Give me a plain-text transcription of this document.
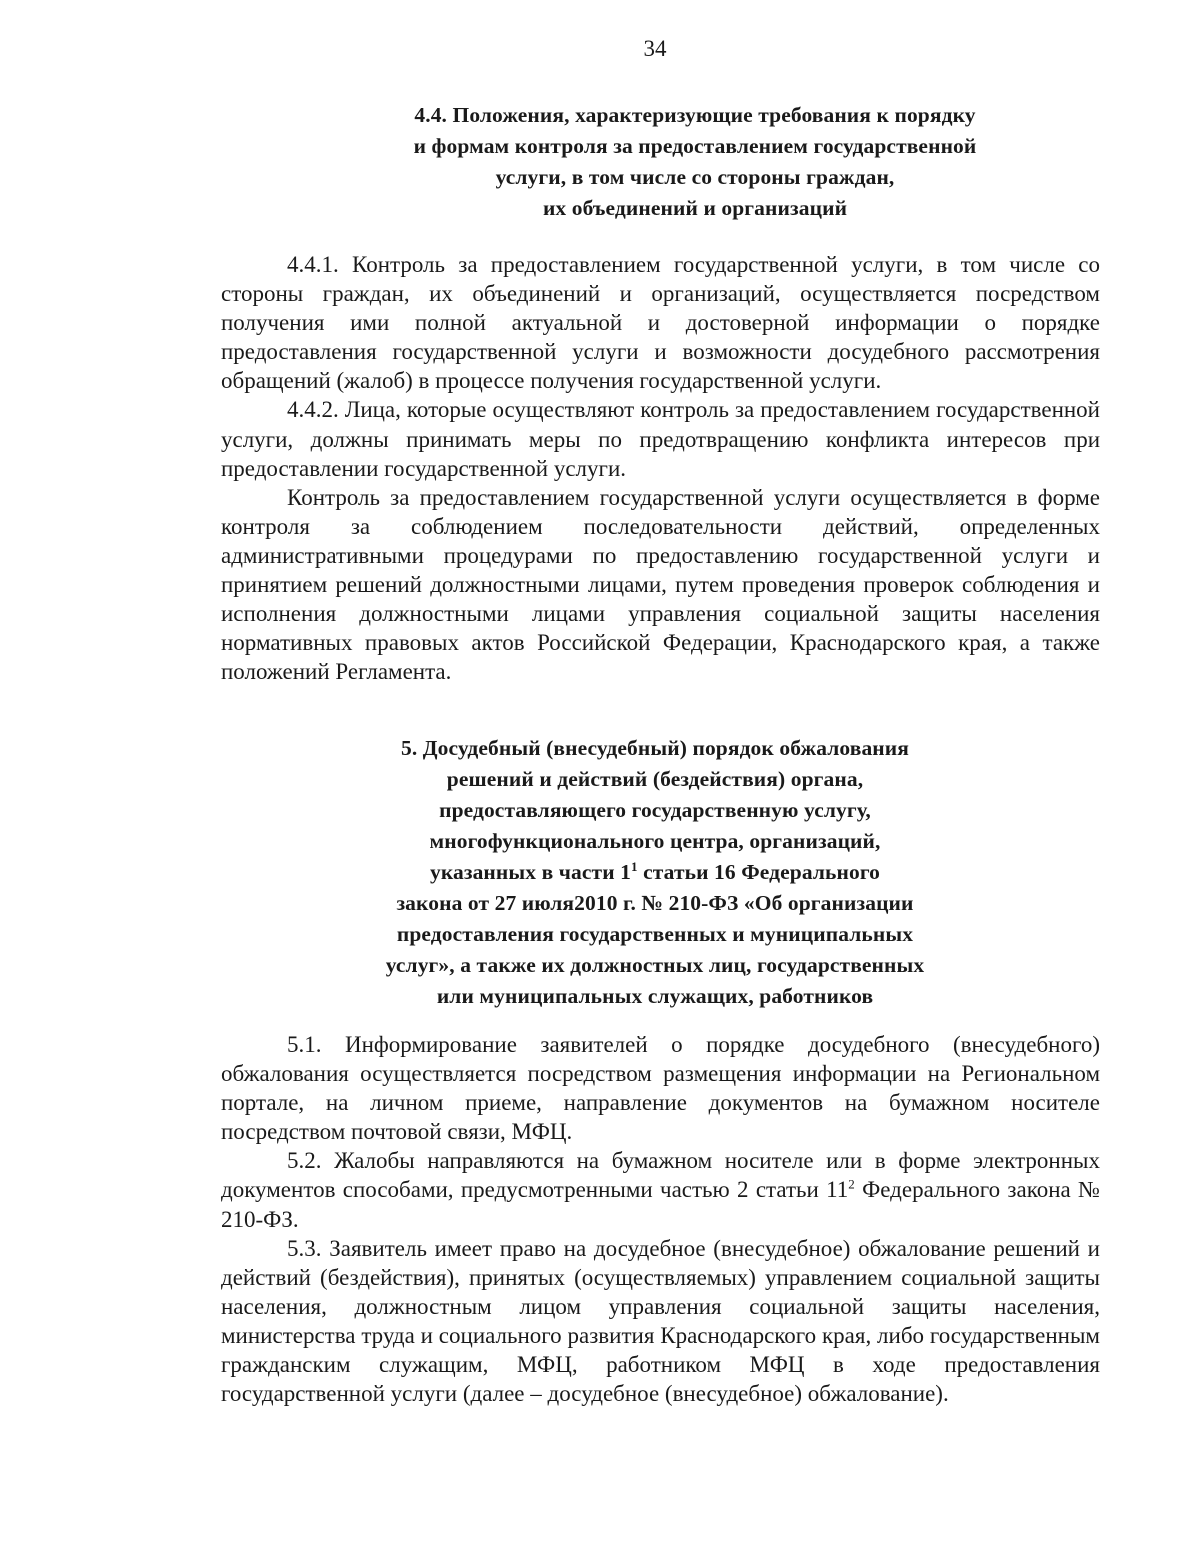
34
4.4. Положения, характеризующие требования к порядку
и формам контроля за предоставлением государственной
услуги, в том числе со стороны граждан,
их объединений и организаций

4.4.1. Контроль за предоставлением государственной услуги, в том числе со стороны граждан, их объединений и организаций, осуществляется посредством получения ими полной актуальной и достоверной информации о порядке предоставления государственной услуги и возможности досудебного рассмотрения обращений (жалоб) в процессе получения государственной услуги.

4.4.2. Лица, которые осуществляют контроль за предоставлением государственной услуги, должны принимать меры по предотвращению конфликта интересов при предоставлении государственной услуги.

Контроль за предоставлением государственной услуги осуществляется в форме контроля за соблюдением последовательности действий, определенных административными процедурами по предоставлению государственной услуги и принятием решений должностными лицами, путем проведения проверок соблюдения и исполнения должностными лицами управления социальной защиты населения нормативных правовых актов Российской Федерации, Краснодарского края, а также положений Регламента.

5. Досудебный (внесудебный) порядок обжалования
решений и действий (бездействия) органа,
предоставляющего государственную услугу,
многофункционального центра, организаций,
указанных в части $1^1$ статьи 16 Федерального
закона от 27 июля2010 г. № 210-ФЗ «Об организации
предоставления государственных и муниципальных
услуг», а также их должностных лиц, государственных
или муниципальных служащих, работников

5.1. Информирование заявителей о порядке досудебного (внесудебного) обжалования осуществляется посредством размещения информации на Региональном портале, на личном приеме, направление документов на бумажном носителе посредством почтовой связи, МФЦ.

5.2. Жалобы направляются на бумажном носителе или в форме электронных документов способами, предусмотренными частью 2 статьи $11^2$ Федерального закона № 210-ФЗ.

5.3. Заявитель имеет право на досудебное (внесудебное) обжалование решений и действий (бездействия), принятых (осуществляемых) управлением социальной защиты населения, должностным лицом управления социальной защиты населения, министерства труда и социального развития Краснодарского края, либо государственным гражданским служащим, МФЦ, работником МФЦ в ходе предоставления государственной услуги (далее – досудебное (внесудебное) обжалование).
